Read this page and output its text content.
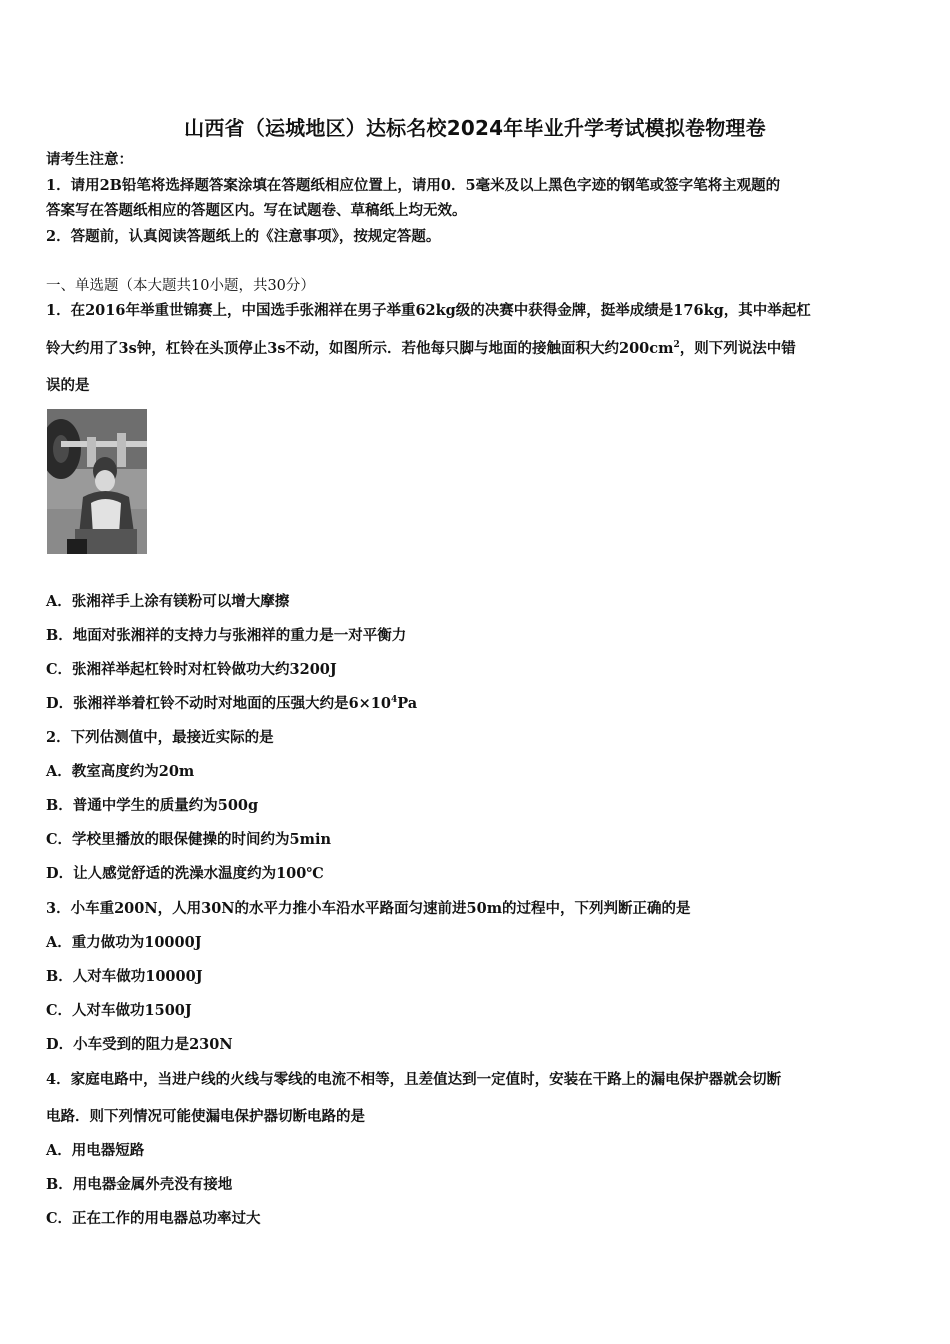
山西省（运城地区）达标名校2024年毕业升学考试模拟卷物理卷
请考生注意：
1．请用2B铅笔将选择题答案涂填在答题纸相应位置上，请用0．5毫米及以上黑色字迹的钢笔或签字笔将主观题的
答案写在答题纸相应的答题区内。写在试题卷、草稿纸上均无效。
2．答题前，认真阅读答题纸上的《注意事项》，按规定答题。
一、单选题（本大题共10小题，共30分）
1．在2016年举重世锦赛上，中国选手张湘祥在男子举重62kg级的决赛中获得金牌，挺举成绩是176kg，其中举起杠
铃大约用了3s钟，杠铃在头顶停止3s不动，如图所示．若他每只脚与地面的接触面积大约$200cm^2$，则下列说法中错
误的是
A．张湘祥手上涂有镁粉可以增大摩擦
B．地面对张湘祥的支持力与张湘祥的重力是一对平衡力
C．张湘祥举起杠铃时对杠铃做功大约3200J
D．张湘祥举着杠铃不动时对地面的压强大约是$6\times 10^4Pa$
2．下列估测值中，最接近实际的是
A．教室高度约为20m
B．普通中学生的质量约为500g
C．学校里播放的眼保健操的时间约为5min
D．让人感觉舒适的洗澡水温度约为100℃
3．小车重200N，人用30N的水平力推小车沿水平路面匀速前进50m的过程中，下列判断正确的是
A．重力做功为10000J
B．人对车做功10000J
C．人对车做功1500J
D．小车受到的阻力是230N
4．家庭电路中，当进户线的火线与零线的电流不相等，且差值达到一定值时，安装在干路上的漏电保护器就会切断
电路．则下列情况可能使漏电保护器切断电路的是
A．用电器短路
B．用电器金属外壳没有接地
C．正在工作的用电器总功率过大
